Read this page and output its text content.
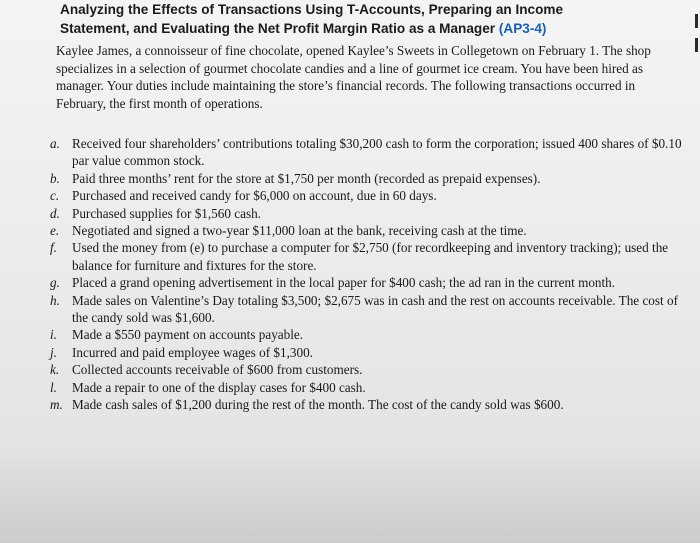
Analyzing the Effects of Transactions Using T-Accounts, Preparing an Income
Statement, and Evaluating the Net Profit Margin Ratio as a Manager (AP3-4)
Kaylee James, a connoisseur of fine chocolate, opened Kaylee’s Sweets in Collegetown on February 1. The shop specializes in a selection of gourmet chocolate candies and a line of gourmet ice cream. You have been hired as manager. Your duties include maintaining the store’s financial records. The following transactions occurred in February, the first month of operations.
a. Received four shareholders’ contributions totaling $30,200 cash to form the corporation; issued 400 shares of $0.10 par value common stock.
b. Paid three months’ rent for the store at $1,750 per month (recorded as prepaid expenses).
c. Purchased and received candy for $6,000 on account, due in 60 days.
d. Purchased supplies for $1,560 cash.
e. Negotiated and signed a two-year $11,000 loan at the bank, receiving cash at the time.
f.	Used the money from (e) to purchase a computer for $2,750 (for recordkeeping and inventory tracking); used the balance for furniture and fixtures for the store.
g. Placed a grand opening advertisement in the local paper for $400 cash; the ad ran in the current month.
h. Made sales on Valentine’s Day totaling $3,500; $2,675 was in cash and the rest on accounts receivable. The cost of the candy sold was $1,600.
i.	Made a $550 payment on accounts payable.
j.	Incurred and paid employee wages of $1,300.
k. Collected accounts receivable of $600 from customers.
l.	Made a repair to one of the display cases for $400 cash.
m. Made cash sales of $1,200 during the rest of the month. The cost of the candy sold was $600.
